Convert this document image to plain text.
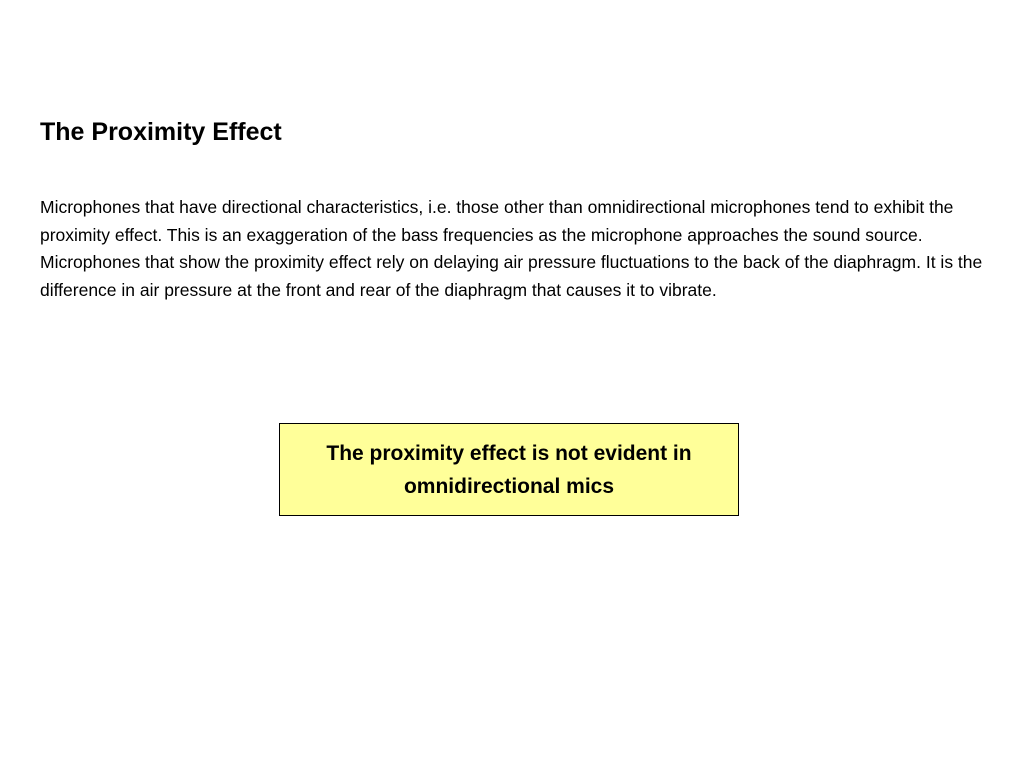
The Proximity Effect

Microphones that have directional characteristics, i.e. those other than omnidirectional microphones tend to exhibit the proximity effect. This is an exaggeration of the bass frequencies as the microphone approaches the sound source. Microphones that show the proximity effect rely on delaying air pressure fluctuations to the back of the diaphragm. It is the difference in air pressure at the front and rear of the diaphragm that causes it to vibrate.

The proximity effect is not evident in omnidirectional mics
